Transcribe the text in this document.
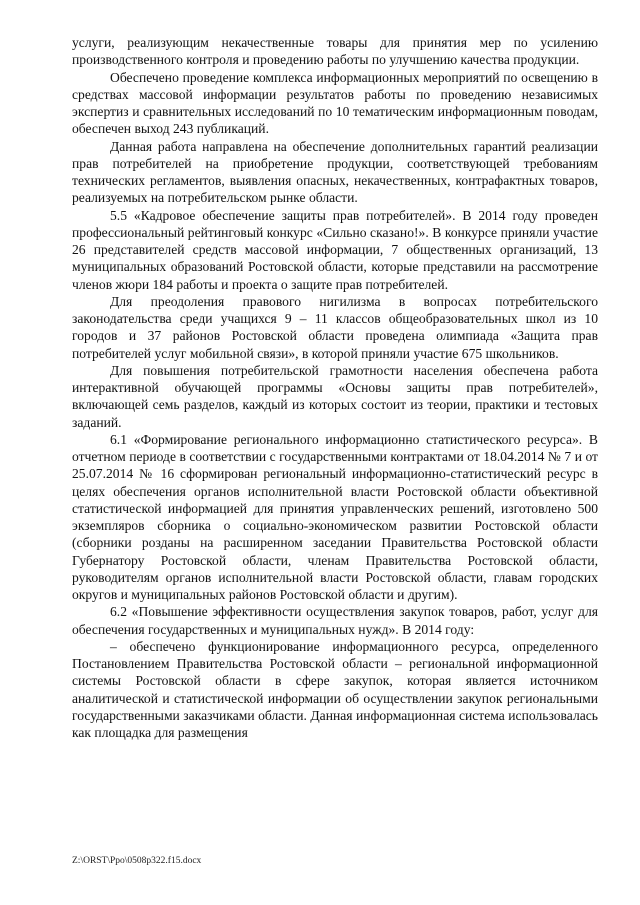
услуги, реализующим некачественные товары для принятия мер по усилению производственного контроля и проведению работы по улучшению качества продукции.

Обеспечено проведение комплекса информационных мероприятий по освещению в средствах массовой информации результатов работы по проведению независимых экспертиз и сравнительных исследований по 10 тематическим информационным поводам, обеспечен выход 243 публикаций.

Данная работа направлена на обеспечение дополнительных гарантий реализации прав потребителей на приобретение продукции, соответствующей требованиям технических регламентов, выявления опасных, некачественных, контрафактных товаров, реализуемых на потребительском рынке области.

5.5 «Кадровое обеспечение защиты прав потребителей». В 2014 году проведен профессиональный рейтинговый конкурс «Сильно сказано!». В конкурсе приняли участие 26 представителей средств массовой информации, 7 общественных организаций, 13 муниципальных образований Ростовской области, которые представили на рассмотрение членов жюри 184 работы и проекта о защите прав потребителей.

Для преодоления правового нигилизма в вопросах потребительского законодательства среди учащихся 9 – 11 классов общеобразовательных школ из 10 городов и 37 районов Ростовской области проведена олимпиада «Защита прав потребителей услуг мобильной связи», в которой приняли участие 675 школьников.

Для повышения потребительской грамотности населения обеспечена работа интерактивной обучающей программы «Основы защиты прав потребителей», включающей семь разделов, каждый из которых состоит из теории, практики и тестовых заданий.

6.1 «Формирование регионального информационно статистического ресурса». В отчетном периоде в соответствии с государственными контрактами от 18.04.2014 № 7 и от 25.07.2014 № 16 сформирован региональный информационно-статистический ресурс в целях обеспечения органов исполнительной власти Ростовской области объективной статистической информацией для принятия управленческих решений, изготовлено 500 экземпляров сборника о социально-экономическом развитии Ростовской области (сборники розданы на расширенном заседании Правительства Ростовской области Губернатору Ростовской области, членам Правительства Ростовской области, руководителям органов исполнительной власти Ростовской области, главам городских округов и муниципальных районов Ростовской области и другим).

6.2 «Повышение эффективности осуществления закупок товаров, работ, услуг для обеспечения государственных и муниципальных нужд». В 2014 году:

– обеспечено функционирование информационного ресурса, определенного Постановлением Правительства Ростовской области – региональной информационной системы Ростовской области в сфере закупок, которая является источником аналитической и статистической информации об осуществлении закупок региональными государственными заказчиками области. Данная информационная система использовалась как площадка для размещения

Z:\ORST\Ppo\0508p322.f15.docx
